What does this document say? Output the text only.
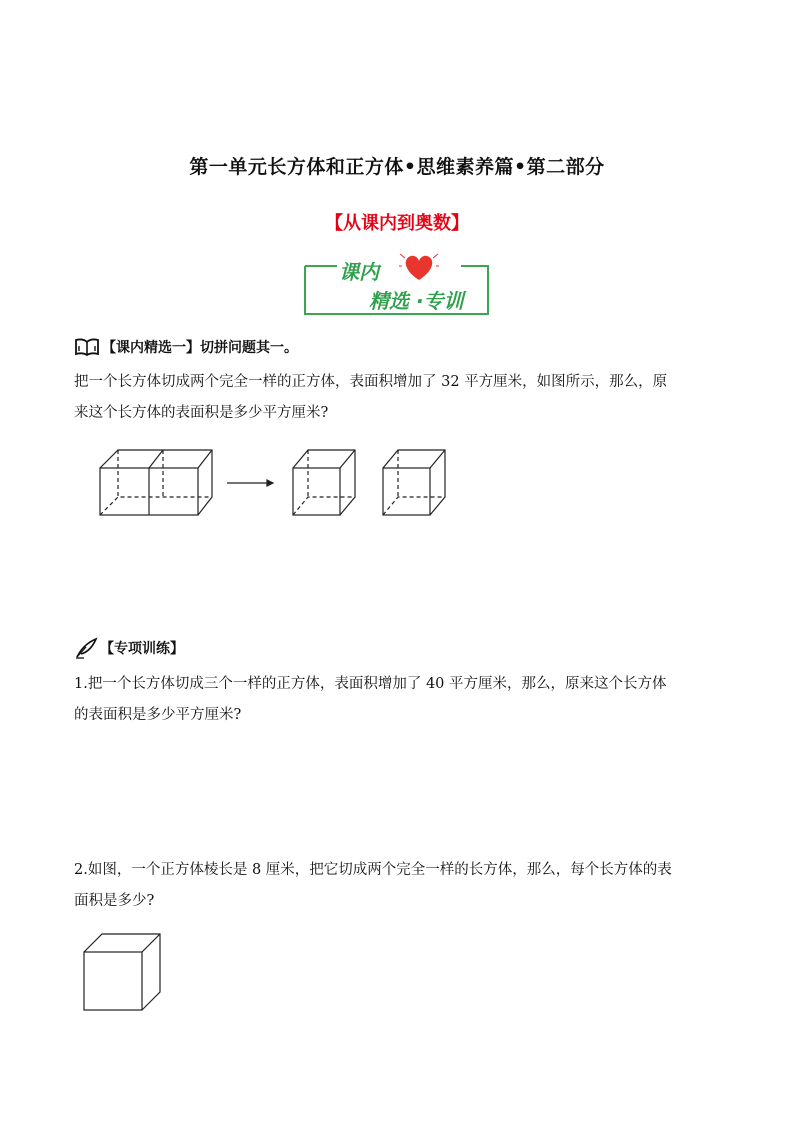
第一单元长方体和正方体•思维素养篇•第二部分
【从课内到奥数】
课内
精选 ·专训
【课内精选一】切拼问题其一。
把一个长方体切成两个完全一样的正方体，表面积增加了 32 平方厘米，如图所示，那么，原
来这个长方体的表面积是多少平方厘米?
【专项训练】
1.把一个长方体切成三个一样的正方体，表面积增加了 40 平方厘米，那么，原来这个长方体
的表面积是多少平方厘米?
2.如图，一个正方体棱长是 8 厘米，把它切成两个完全一样的长方体，那么，每个长方体的表
面积是多少?
